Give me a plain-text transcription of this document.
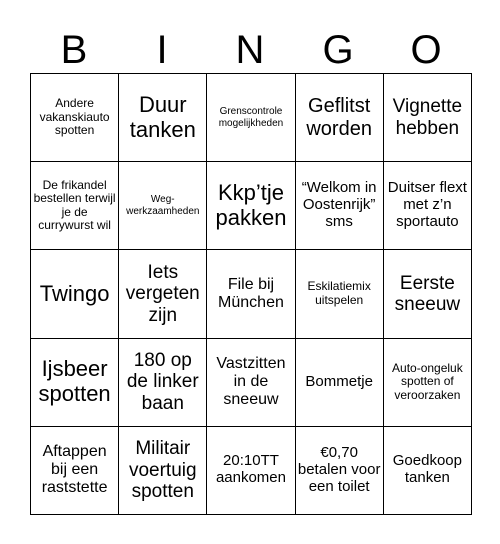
B	I	N	G	O
Andere vakanskiauto spotten	Duur tanken	Grenscontrole mogelijkheden	Geflitst worden	Vignette hebben
De frikandel bestellen terwijl je de currywurst wil	Weg-werkzaamheden	Kkp’tje pakken	“Welkom in Oostenrijk” sms	Duitser flext met z’n sportauto
Twingo	Iets vergeten zijn	File bij München	Eskilatiemix uitspelen	Eerste sneeuw
Ijsbeer spotten	180 op de linker baan	Vastzitten in de sneeuw	Bommetje	Auto-ongeluk spotten of veroorzaken
Aftappen bij een raststette	Militair voertuig spotten	20:10TT aankomen	€0,70 betalen voor een toilet	Goedkoop tanken
